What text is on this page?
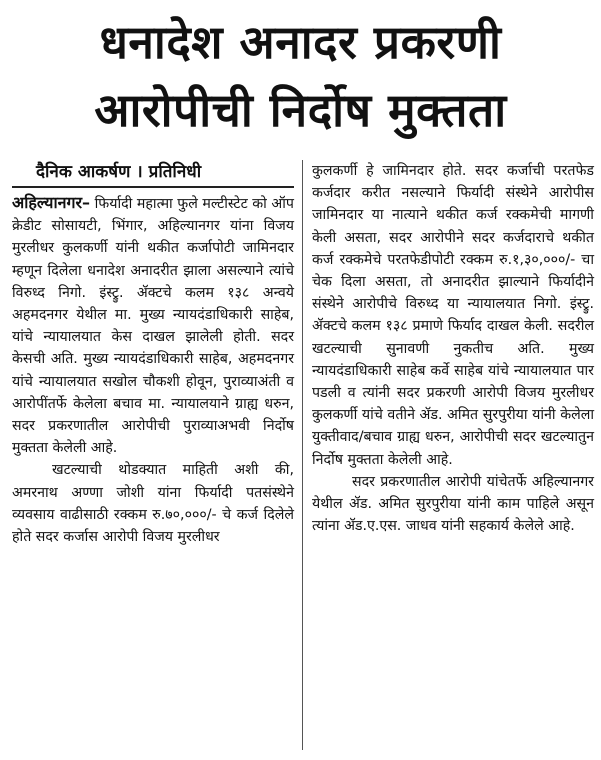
धनादेश अनादर प्रकरणी
आरोपीची निर्दोष मुक्तता
दैनिक आकर्षण । प्रतिनिधी

अहिल्यानगर– फिर्यादी महात्मा फुले मल्टीस्टेट को ऑप क्रेडीट सोसायटी, भिंगार, अहिल्यानगर यांना विजय मुरलीधर कुलकर्णी यांनी थकीत कर्जापोटी जामिनदार म्हणून दिलेला धनादेश अनादरीत झाला असल्याने त्यांचे विरुध्द निगो. इंस्ट्रु. ॲक्टचे कलम १३८ अन्वये अहमदनगर येथील मा. मुख्य न्यायदंडाधिकारी साहेब, यांचे न्यायालयात केस दाखल झालेली होती. सदर केसची अति. मुख्य न्यायदंडाधिकारी साहेब, अहमदनगर यांचे न्यायालयात सखोल चौकशी होवून, पुराव्याअंती व आरोपींतर्फे केलेला बचाव मा. न्यायालयाने ग्राह्य धरुन, सदर प्रकरणातील आरोपीची पुराव्याअभवी निर्दोष मुक्तता केलेली आहे.

खटल्याची थोडक्यात माहिती अशी की, अमरनाथ अण्णा जोशी यांना फिर्यादी पतसंस्थेने व्यवसाय वाढीसाठी रक्कम रु.७०,०००/- चे कर्ज दिलेले होते सदर कर्जास आरोपी विजय मुरलीधर

कुलकर्णी हे जामिनदार होते. सदर कर्जाची परतफेड कर्जदार करीत नसल्याने फिर्यादी संस्थेने आरोपीस जामिनदार या नात्याने थकीत कर्ज रक्कमेची मागणी केली असता, सदर आरोपीने सदर कर्जदाराचे थकीत कर्ज रक्कमेचे परतफेडीपोटी रक्कम रु.१,३०,०००/- चा चेक दिला असता, तो अनादरीत झाल्याने फिर्यादीने संस्थेने आरोपीचे विरुध्द या न्यायालयात निगो. इंस्ट्रु. ॲक्टचे कलम १३८ प्रमाणे फिर्याद दाखल केली. सदरील खटल्याची सुनावणी नुकतीच अति. मुख्य न्यायदंडाधिकारी साहेब कर्वे साहेब यांचे न्यायालयात पार पडली व त्यांनी सदर प्रकरणी आरोपी विजय मुरलीधर कुलकर्णी यांचे वतीने ॲड. अमित सुरपुरीया यांनी केलेला युक्तीवाद/बचाव ग्राह्य धरुन, आरोपीची सदर खटल्यातुन निर्दोष मुक्तता केलेली आहे.

सदर प्रकरणातील आरोपी यांचेतर्फे अहिल्यानगर येथील ॲड. अमित सुरपुरीया यांनी काम पाहिले असून त्यांना ॲड.ए.एस. जाधव यांनी सहकार्य केलेले आहे.
